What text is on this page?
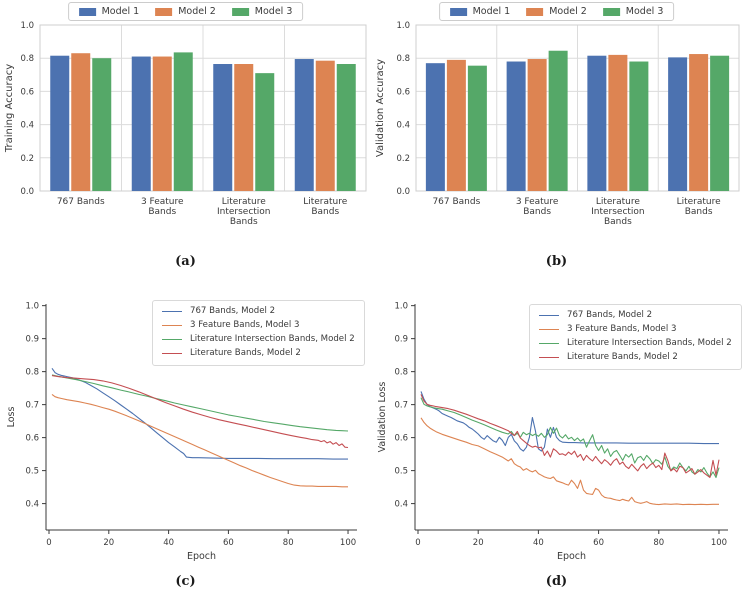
Model 1	Model 2	Model 3
0.0
0.2
0.4
0.6
0.8
1.0
767 Bands	3 Feature
Bands
Literature
Intersection
Bands
Literature
Bands
Training Accuracy
(a)
Model 1	Model 2	Model 3
0.0
0.2
0.4
0.6
0.8
1.0
767 Bands	3 Feature
Bands
Literature
Intersection
Bands
Literature
Bands
Validation Accuracy
(b)
767 Bands, Model 2
3 Feature Bands, Model 3
Literature Intersection Bands, Model 2
Literature Bands, Model 2
0.4
0.5
0.6
0.7
0.8
0.9
1.0
0	20	40	60	80	100
Epoch
Loss
(c)
767 Bands, Model 2
3 Feature Bands, Model 3
Literature Intersection Bands, Model 2
Literature Bands, Model 2
0.4
0.5
0.6
0.7
0.8
0.9
1.0
0	20	40	60	80	100
Epoch
Validation Loss
(d)
